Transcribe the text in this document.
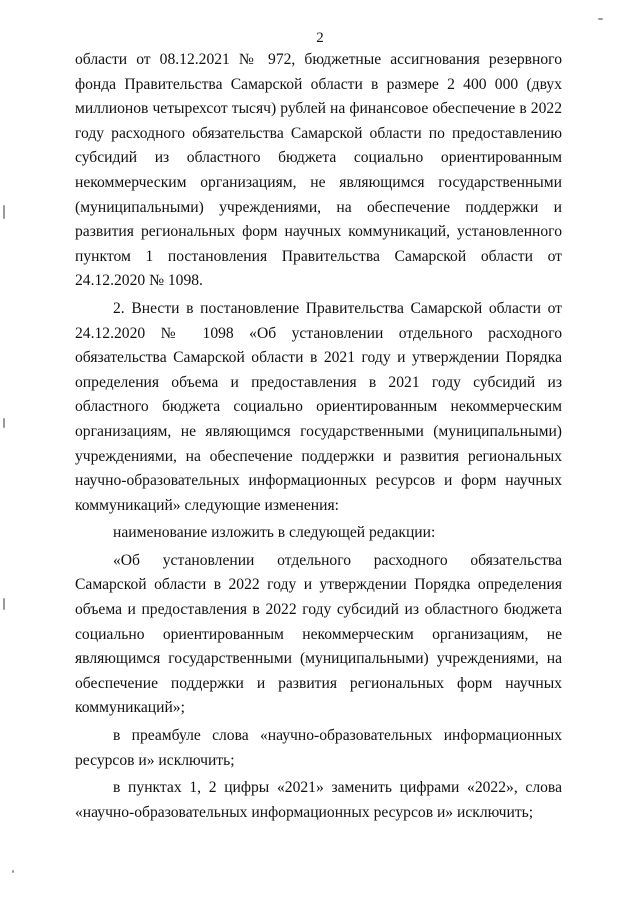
2

области от 08.12.2021 № 972, бюджетные ассигнования резервного фонда Правительства Самарской области в размере 2 400 000 (двух миллионов четырехсот тысяч) рублей на финансовое обеспечение в 2022 году расходного обязательства Самарской области по предоставлению субсидий из областного бюджета социально ориентированным некоммерческим организациям, не являющимся государственными (муниципальными) учреждениями, на обеспечение поддержки и развития региональных форм научных коммуникаций, установленного пунктом 1 постановления Правительства Самарской области от 24.12.2020 № 1098.

2. Внести в постановление Правительства Самарской области от 24.12.2020 № 1098 «Об установлении отдельного расходного обязательства Самарской области в 2021 году и утверждении Порядка определения объема и предоставления в 2021 году субсидий из областного бюджета социально ориентированным некоммерческим организациям, не являющимся государственными (муниципальными) учреждениями, на обеспечение поддержки и развития региональных научно-образовательных информационных ресурсов и форм научных коммуникаций» следующие изменения:

наименование изложить в следующей редакции:

«Об установлении отдельного расходного обязательства Самарской области в 2022 году и утверждении Порядка определения объема и предоставления в 2022 году субсидий из областного бюджета социально ориентированным некоммерческим организациям, не являющимся государственными (муниципальными) учреждениями, на обеспечение поддержки и развития региональных форм научных коммуникаций»;

в преамбуле слова «научно-образовательных информационных ресурсов и» исключить;

в пунктах 1, 2 цифры «2021» заменить цифрами «2022», слова «научно-образовательных информационных ресурсов и» исключить;
